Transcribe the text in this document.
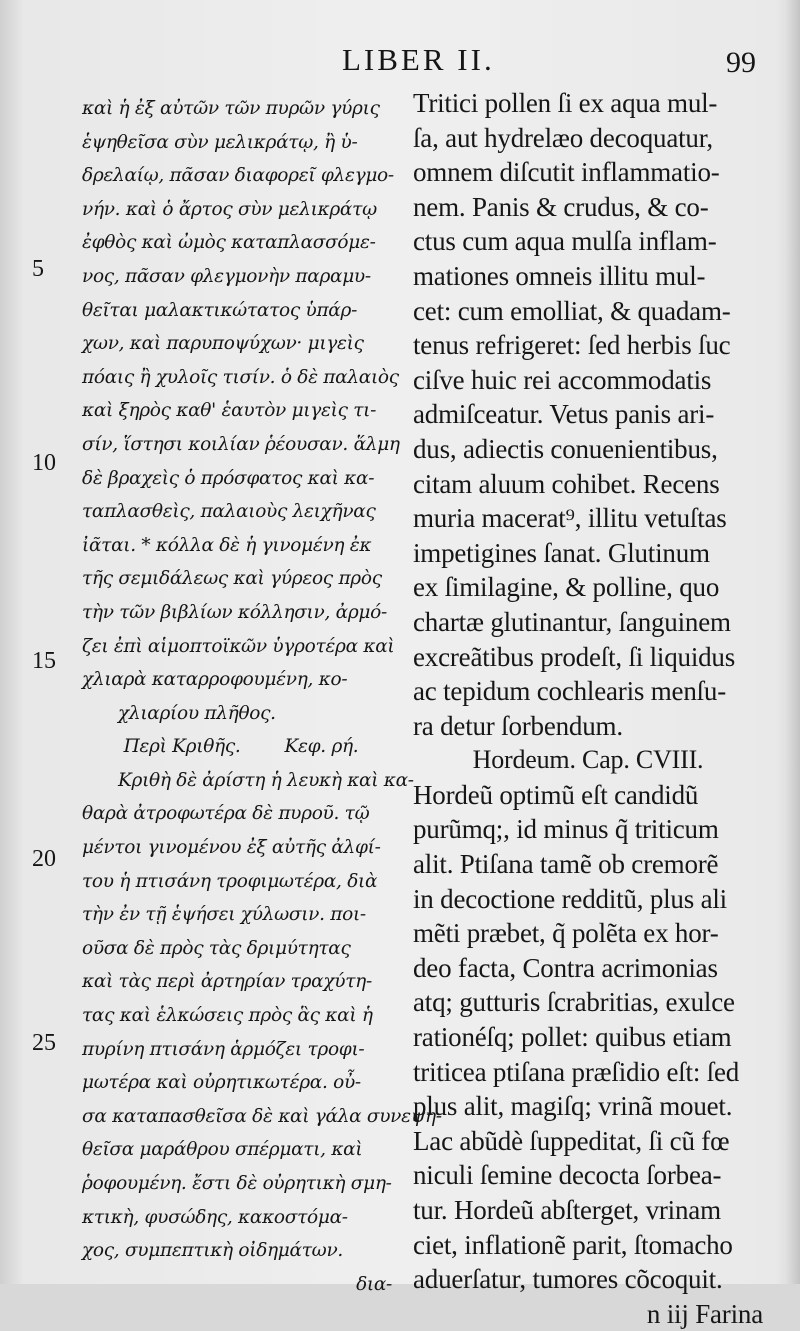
LIBER II.	99
5
10
15
20
25
καὶ ἡ ἐξ αὐτῶν τῶν πυρῶν γύρις
ἑψηθεῖσα σὺν μελικράτῳ, ἢ ὑ-
δρελαίῳ, πᾶσαν διαφορεῖ φλεγμο-
νήν. καὶ ὁ ἄρτος σὺν μελικράτῳ
ἐφθὸς καὶ ὠμὸς καταπλασσόμε-
νος, πᾶσαν φλεγμονὴν παραμυ-
θεῖται μαλακτικώτατος ὑπάρ-
χων, καὶ παρυποψύχων· μιγεὶς
πόαις ἢ χυλοῖς τισίν. ὁ δὲ παλαιὸς
καὶ ξηρὸς καθ' ἑαυτὸν μιγεὶς τι-
σίν, ἵστησι κοιλίαν ῥέουσαν. ἅλμη
δὲ βραχεὶς ὁ πρόσφατος καὶ κα-
ταπλασθεὶς, παλαιοὺς λειχῆνας
ἰᾶται. * κόλλα δὲ ἡ γινομένη ἐκ
τῆς σεμιδάλεως καὶ γύρεος πρὸς
τὴν τῶν βιβλίων κόλλησιν, ἀρμό-
ζει ἐπὶ αἱμοπτοϊκῶν ὑγροτέρα καὶ
χλιαρὰ καταρροφουμένη, κο-
χλιαρίου πλῆθος.
Περὶ Κριθῆς. Κεφ. ρή.
Κριθὴ δὲ ἀρίστη ἡ λευκὴ καὶ κα-
θαρὰ ἀτροφωτέρα δὲ πυροῦ. τῷ
μέντοι γινομένου ἐξ αὐτῆς ἀλφί-
του ἡ πτισάνη τροφιμωτέρα, διὰ
τὴν ἐν τῇ ἑψήσει χύλωσιν. ποι-
οῦσα δὲ πρὸς τὰς δριμύτητας
καὶ τὰς περὶ ἀρτηρίαν τραχύτη-
τας καὶ ἑλκώσεις πρὸς ἃς καὶ ἡ
πυρίνη πτισάνη ἁρμόζει τροφι-
μωτέρα καὶ οὐρητικωτέρα. οὖ-
σα καταπασθεῖσα δὲ καὶ γάλα συνεψη-
θεῖσα μαράθρου σπέρματι, καὶ
ῥοφουμένη. ἔστι δὲ οὐρητικὴ σμη-
κτικὴ, φυσώδης, κακοστόμα-
χος, συμπεπτικὴ οἰδημάτων.
δια-
Tritici pollen ſi ex aqua mul-
ſa, aut hydrelæo decoquatur,
omnem diſcutit inflammatio-
nem. Panis & crudus, & co-
ctus cum aqua mulſa inflam-
mationes omneis illitu mul-
cet: cum emolliat, & quadam-
tenus refrigeret: ſed herbis ſuc
ciſve huic rei accommodatis
admiſceatur. Vetus panis ari-
dus, adiectis conuenientibus,
citam aluum cohibet. Recens
muria macerat⁹, illitu vetuſtas
impetigines ſanat. Glutinum
ex ſimilagine, & polline, quo
chartæ glutinantur, ſanguinem
excreãtibus prodeſt, ſi liquidus
ac tepidum cochlearis menſu-
ra detur ſorbendum.
Hordeum. Cap. CVIII.
Hordeũ optimũ eſt candidũ
purũmq;, id minus q̃ triticum
alit. Ptiſana tamẽ ob cremorẽ
in decoctione redditũ, plus ali
mẽti præbet, q̃ polẽta ex hor-
deo facta, Contra acrimonias
atq; gutturis ſcrabritias, exulce
rationéſq; pollet: quibus etiam
triticea ptiſana præſidio eſt: ſed
plus alit, magiſq; vrinã mouet.
Lac abũdè ſuppeditat, ſi cũ fœ
niculi ſemine decocta ſorbea-
tur. Hordeũ abſterget, vrinam
ciet, inflationẽ parit, ſtomacho
aduerſatur, tumores cõcoquit.
n iij Farina
